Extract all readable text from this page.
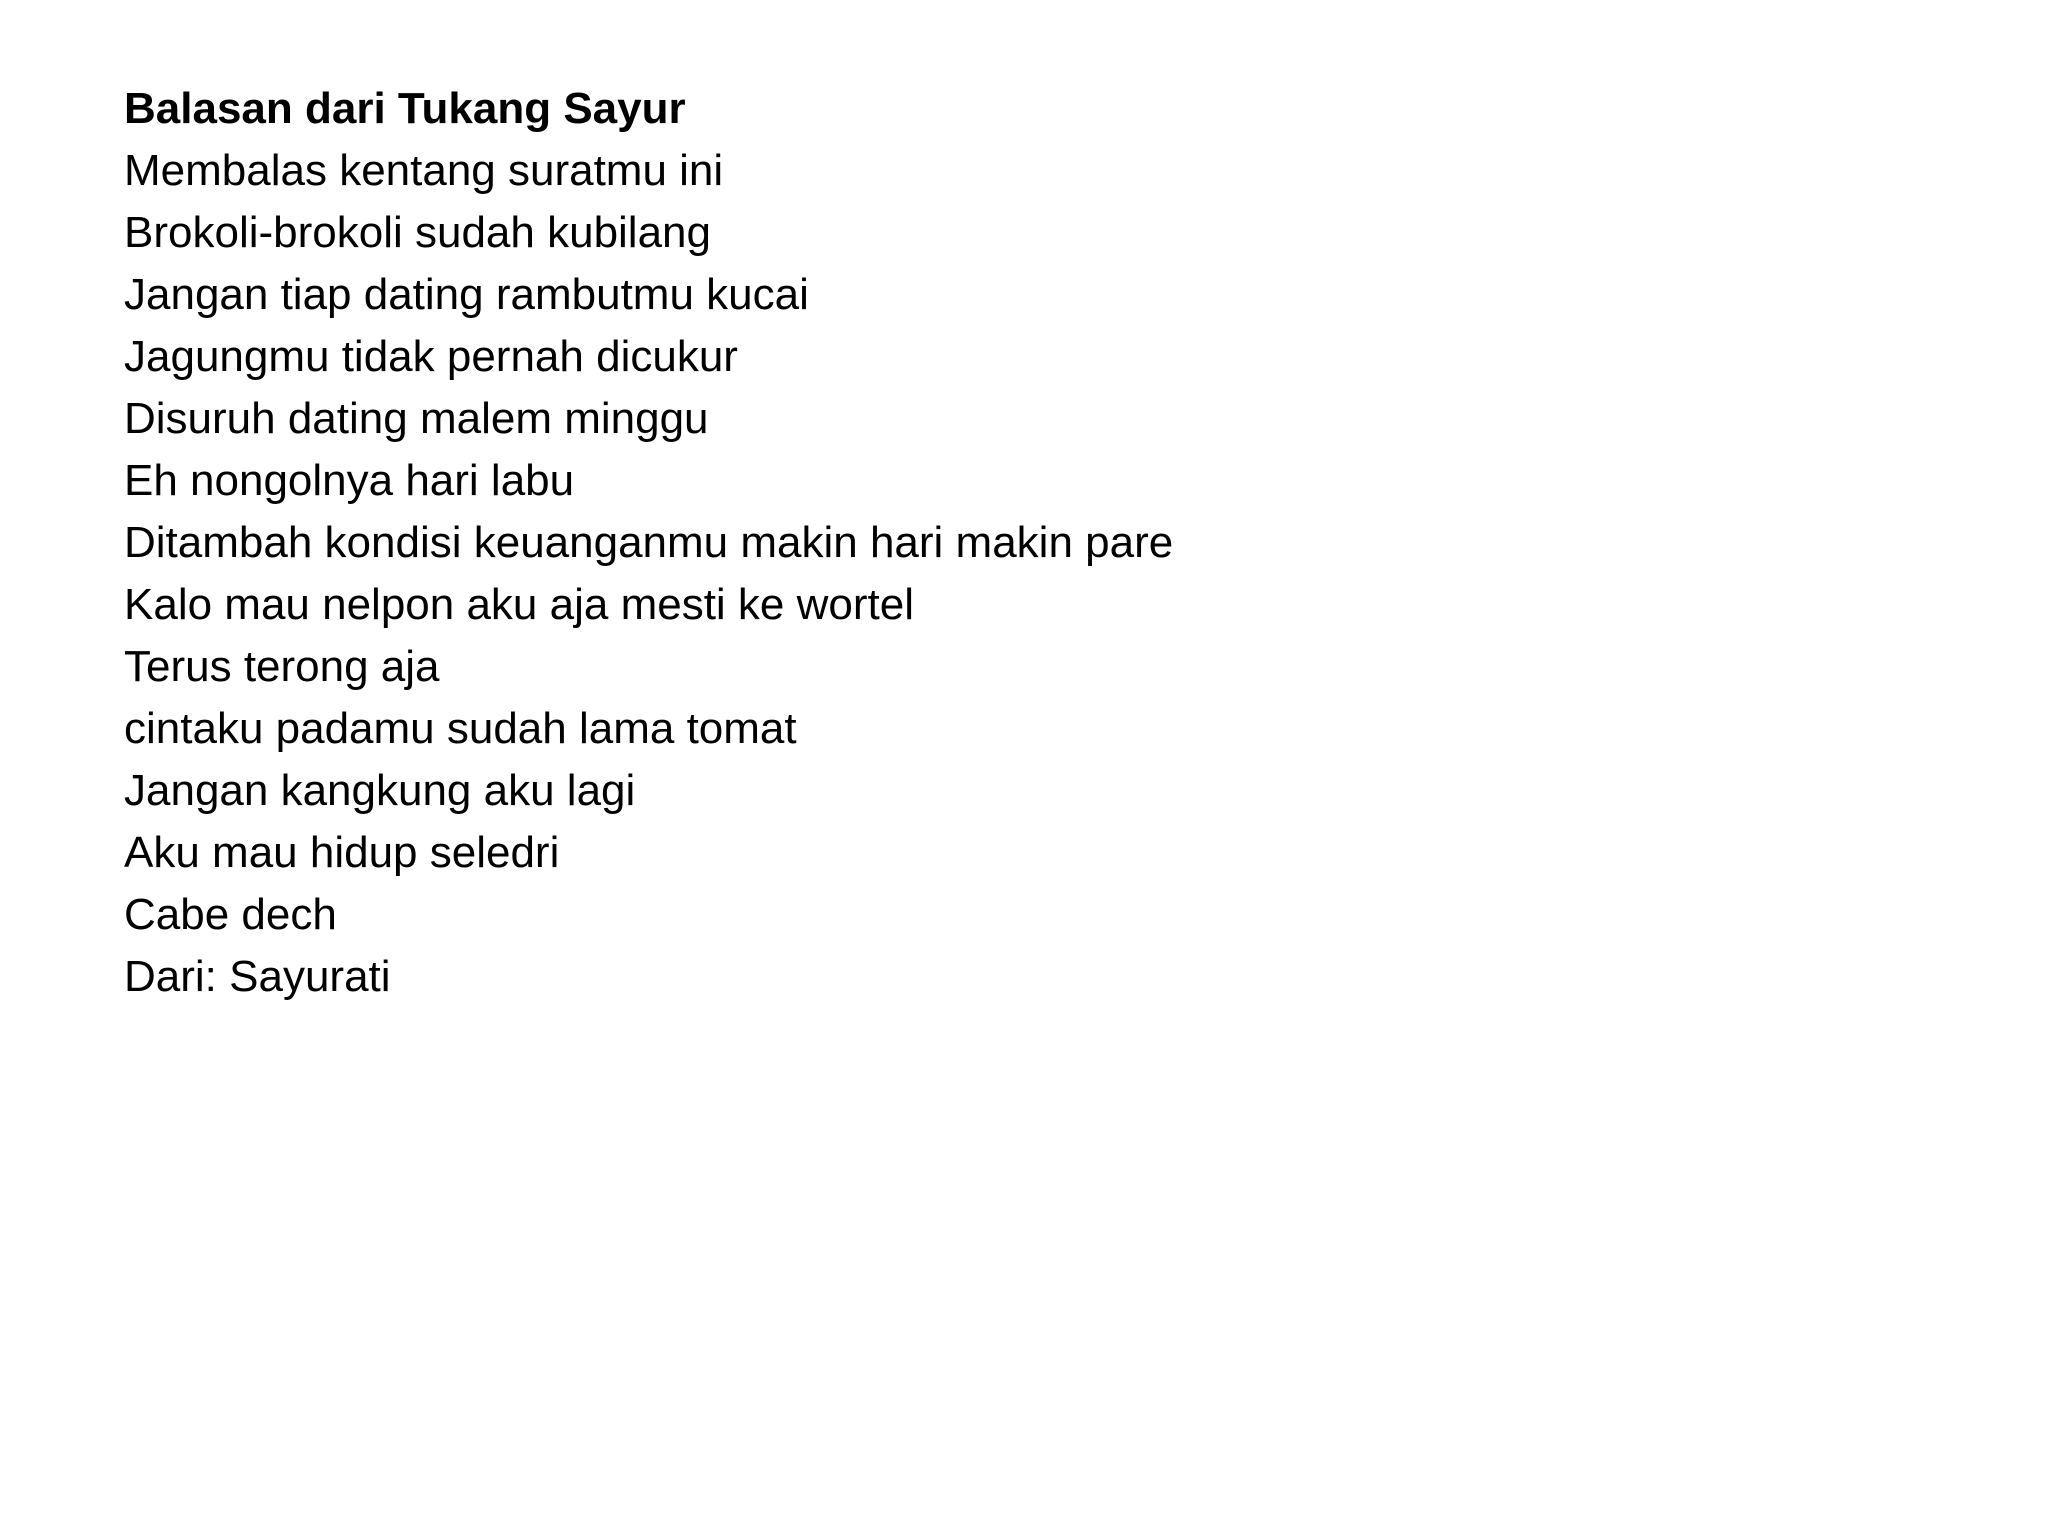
Balasan dari Tukang Sayur

Membalas kentang suratmu ini

Brokoli-brokoli sudah kubilang

Jangan tiap dating rambutmu kucai

Jagungmu tidak pernah dicukur

Disuruh dating malem minggu

Eh nongolnya hari labu

Ditambah kondisi keuanganmu makin hari makin pare

Kalo mau nelpon aku aja mesti ke wortel

Terus terong aja

cintaku padamu sudah lama tomat

Jangan kangkung aku lagi

Aku mau hidup seledri

Cabe dech

Dari: Sayurati
